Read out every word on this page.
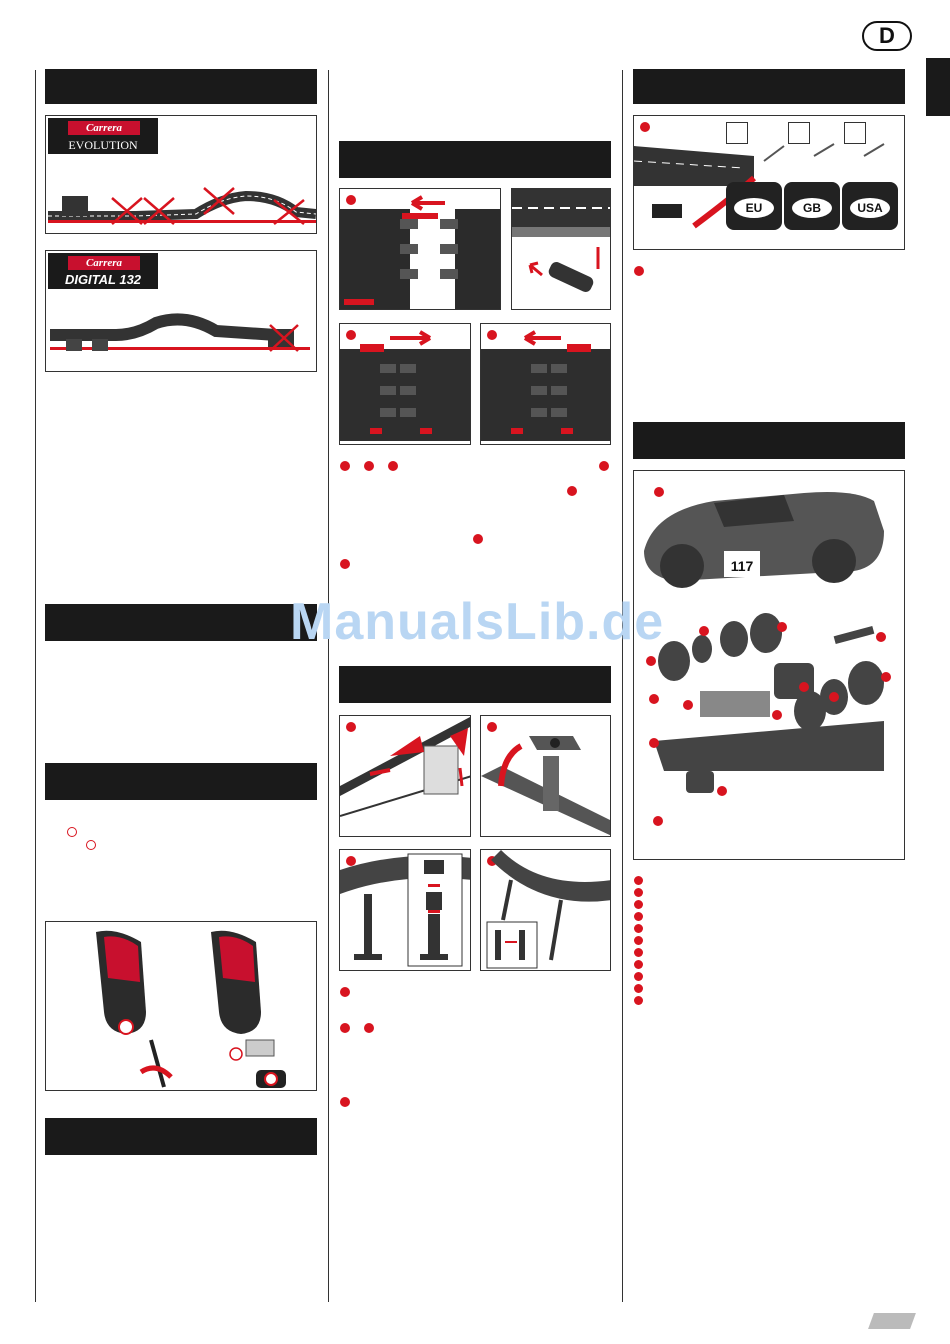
D
Carrera
EVOLUTION
Carrera
DIGITAL 132
EU	GB	USA
117
ManualsLib.de
